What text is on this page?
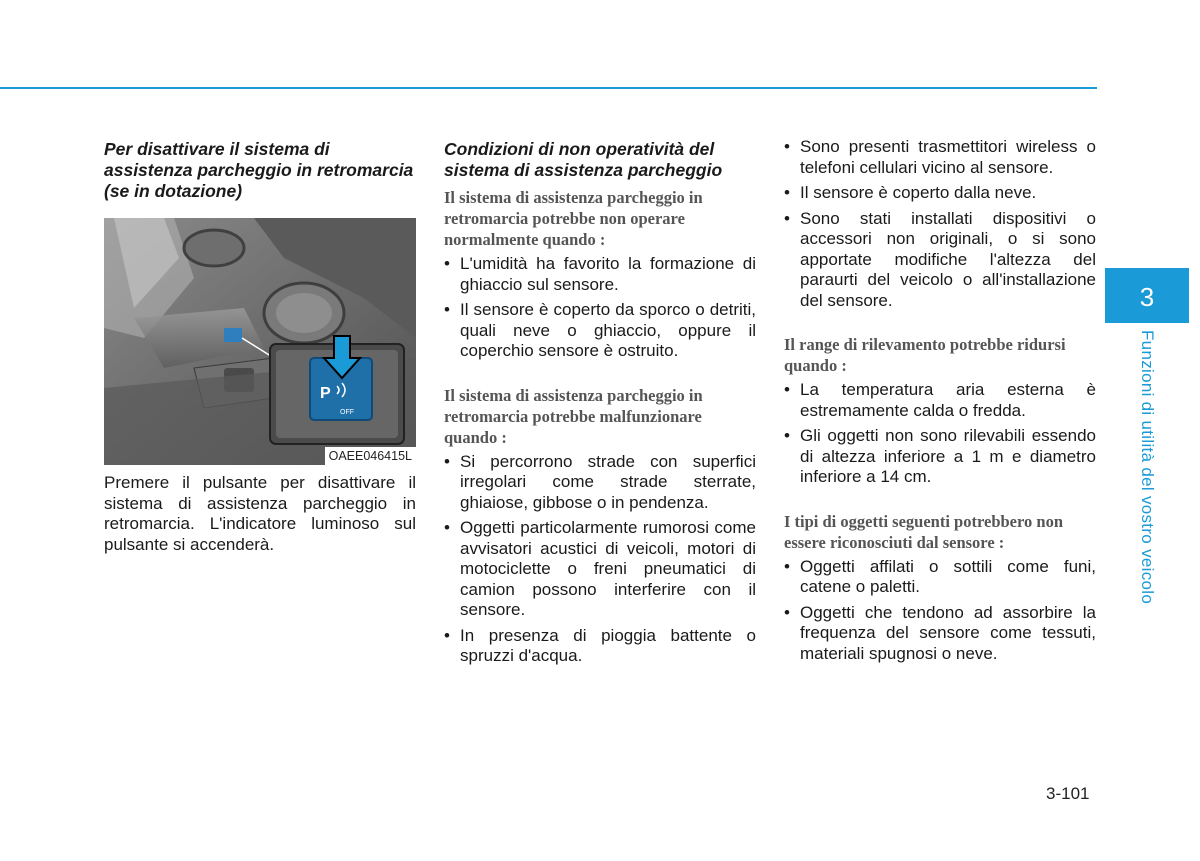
Per disattivare il sistema di assistenza parcheggio in retromarcia (se in dotazione)

P
OFF
OAEE046415L

Premere il pulsante per disattivare il sistema di assistenza parcheggio in retromarcia. L'indicatore luminoso sul pulsante si accenderà.

Condizioni di non operatività del sistema di assistenza parcheggio

Il sistema di assistenza parcheggio in retromarcia potrebbe non operare normalmente quando :

• L'umidità ha favorito la formazione di ghiaccio sul sensore.
• Il sensore è coperto da sporco o detriti, quali neve o ghiaccio, oppure il coperchio sensore è ostruito.

Il sistema di assistenza parcheggio in retromarcia potrebbe malfunzionare quando :

• Si percorrono strade con superfici irregolari come strade sterrate, ghiaiose, gibbose o in pendenza.
• Oggetti particolarmente rumorosi come avvisatori acustici di veicoli, motori di motociclette o freni pneumatici di camion possono interferire con il sensore.
• In presenza di pioggia battente o spruzzi d'acqua.
• Sono presenti trasmettitori wireless o telefoni cellulari vicino al sensore.
• Il sensore è coperto dalla neve.
• Sono stati installati dispositivi o accessori non originali, o si sono apportate modifiche l'altezza del paraurti del veicolo o all'installazione del sensore.

Il range di rilevamento potrebbe ridursi quando :

• La temperatura aria esterna è estremamente calda o fredda.
• Gli oggetti non sono rilevabili essendo di altezza inferiore a 1 m e diametro inferiore a 14 cm.

I tipi di oggetti seguenti potrebbero non essere riconosciuti dal sensore :

• Oggetti affilati o sottili come funi, catene o paletti.
• Oggetti che tendono ad assorbire la frequenza del sensore come tessuti, materiali spugnosi o neve.
3
Funzioni di utilità del vostro veicolo
3-101
